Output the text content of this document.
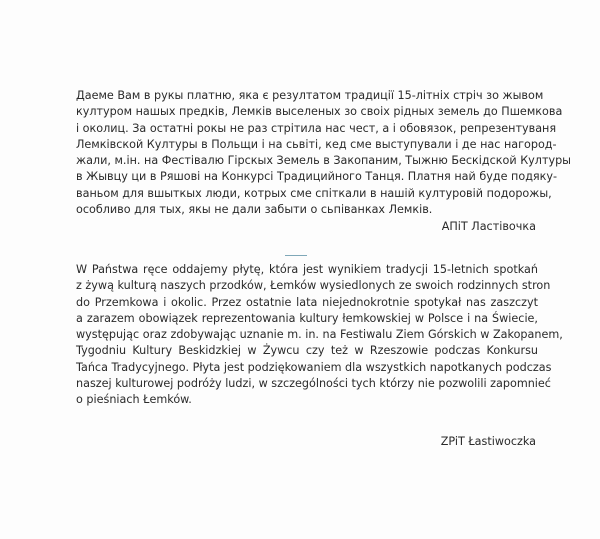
Даеме Вам в рукы платню, яка є резултатом традиції 15-літніх стріч зо жывом
културом нашых предків, Лемків выселеных зо своіх рідных земель до Пшемкова
і околиц. За остатні рокы не раз стрітила нас чест, а і обовязок, репрезентуваня
Лемківской Културы в Польщи і на сьвіті, кед сме выступували і де нас нагород-
жали, м.ін. на Фестівалю Гірскых Земель в Закопаним, Тыжню Бескідской Културы
в Жывцу ци в Ряшові на Конкурсі Традицийного Танця. Платня най буде подяку-
ваньом для вшыткых люди, котрых сме спіткали в нашій културовій подорожы,
особливо для тых, якы не дали забыти о сьпіванках Лемків.

АПіТ Ластівочка

W Państwa ręce oddajemy płytę, która jest wynikiem tradycji 15-letnich spotkań
z żywą kulturą naszych przodków, Łemków wysiedlonych ze swoich rodzinnych stron
do Przemkowa i okolic. Przez ostatnie lata niejednokrotnie spotykał nas zaszczyt
a zarazem obowiązek reprezentowania kultury łemkowskiej w Polsce i na Świecie,
występując oraz zdobywając uznanie m. in. na Festiwalu Ziem Górskich w Zakopanem,
Tygodniu Kultury Beskidzkiej w Żywcu czy też w Rzeszowie podczas Konkursu
Tańca Tradycyjnego. Płyta jest podziękowaniem dla wszystkich napotkanych podczas
naszej kulturowej podróży ludzi, w szczególności tych którzy nie pozwolili zapomnieć
o pieśniach Łemków.

ZPiT Łastiwoczka
